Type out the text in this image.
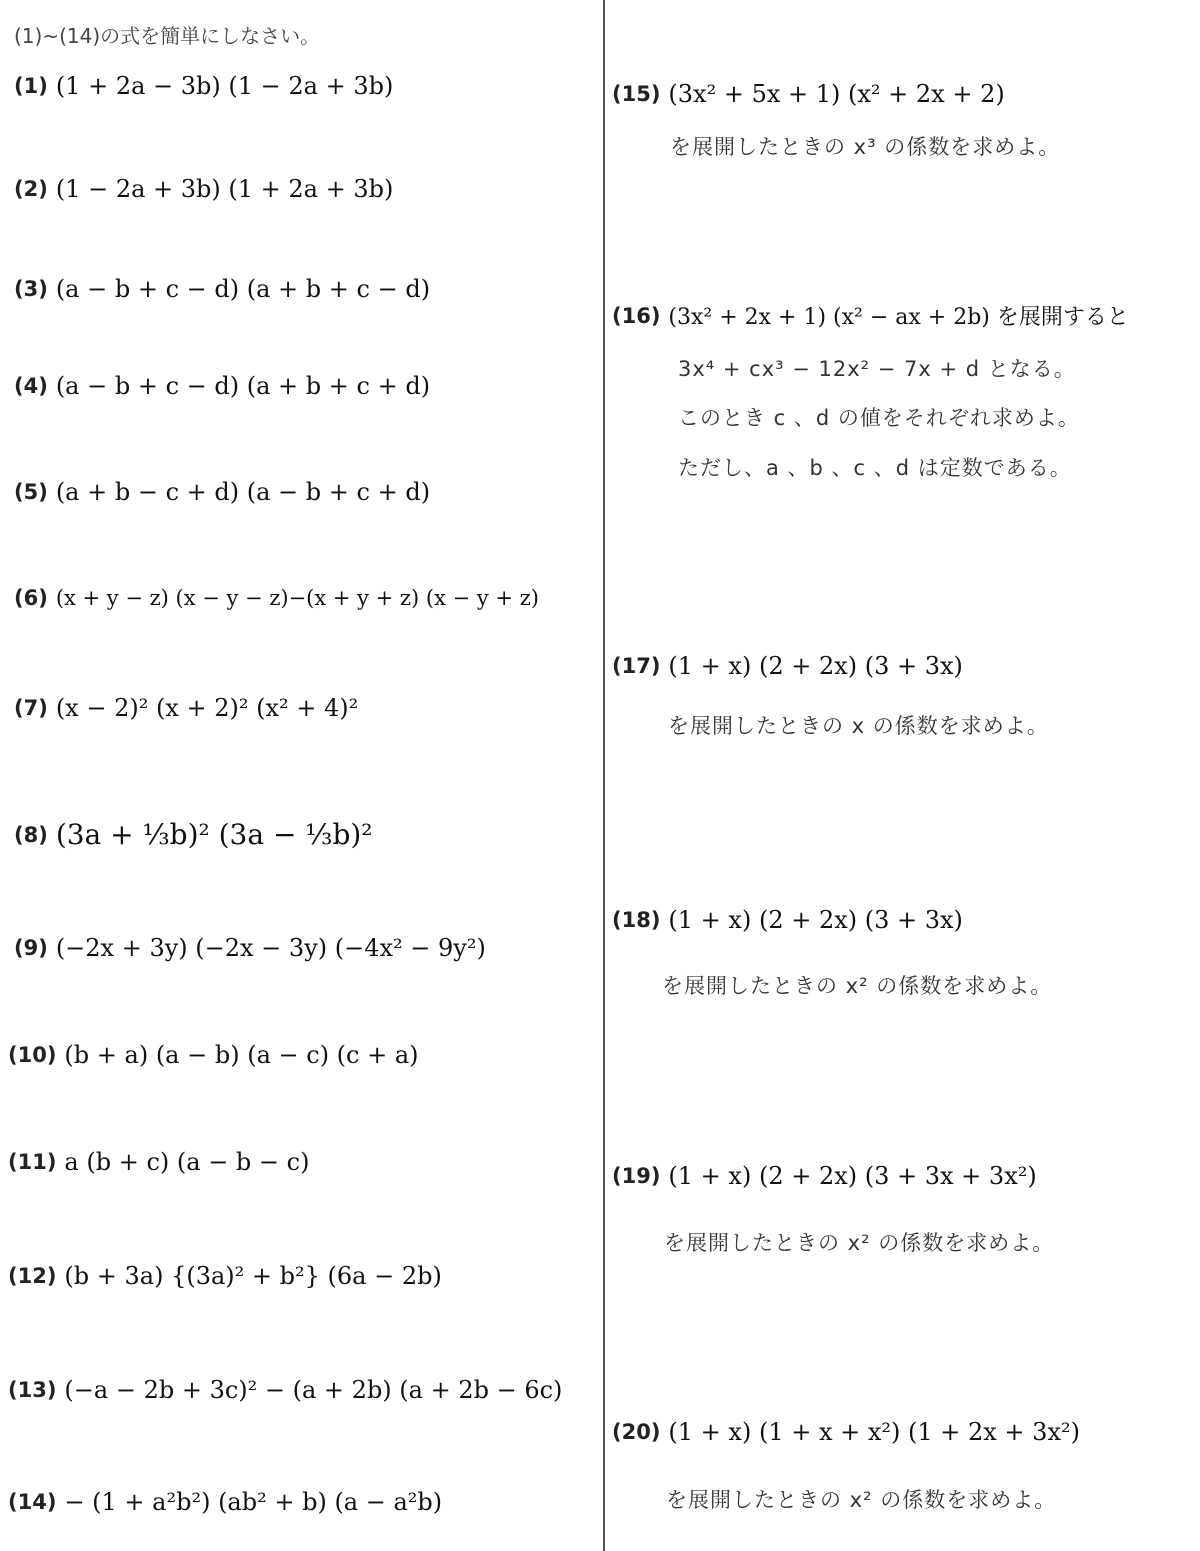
(1)~(14)の式を簡単にしなさい。
(1) (1 + 2a − 3b) (1 − 2a + 3b)
(2) (1 − 2a + 3b) (1 + 2a + 3b)
(3) (a − b + c − d) (a + b + c − d)
(4) (a − b + c − d) (a + b + c + d)
(5) (a + b − c + d) (a − b + c + d)
(6) (x + y − z) (x − y − z)−(x + y + z) (x − y + z)
(7) (x − 2)² (x + 2)² (x² + 4)²
(8) (3a + ⅓b)² (3a − ⅓b)²
(9) (−2x + 3y) (−2x − 3y) (−4x² − 9y²)
(10) (b + a) (a − b) (a − c) (c + a)
(11) a (b + c) (a − b − c)
(12) (b + 3a) {(3a)² + b²} (6a − 2b)
(13) (−a − 2b + 3c)² − (a + 2b) (a + 2b − 6c)
(14) − (1 + a²b²) (ab² + b) (a − a²b)
(15) (3x² + 5x + 1) (x² + 2x + 2)
を展開したときの x³ の係数を求めよ。
(16) (3x² + 2x + 1) (x² − ax + 2b) を展開すると
3x⁴ + cx³ − 12x² − 7x + d となる。
このとき c 、d の値をそれぞれ求めよ。
ただし、a 、b 、c 、d は定数である。
(17) (1 + x) (2 + 2x) (3 + 3x)
を展開したときの x の係数を求めよ。
(18) (1 + x) (2 + 2x) (3 + 3x)
を展開したときの x² の係数を求めよ。
(19) (1 + x) (2 + 2x) (3 + 3x + 3x²)
を展開したときの x² の係数を求めよ。
(20) (1 + x) (1 + x + x²) (1 + 2x + 3x²)
を展開したときの x² の係数を求めよ。
